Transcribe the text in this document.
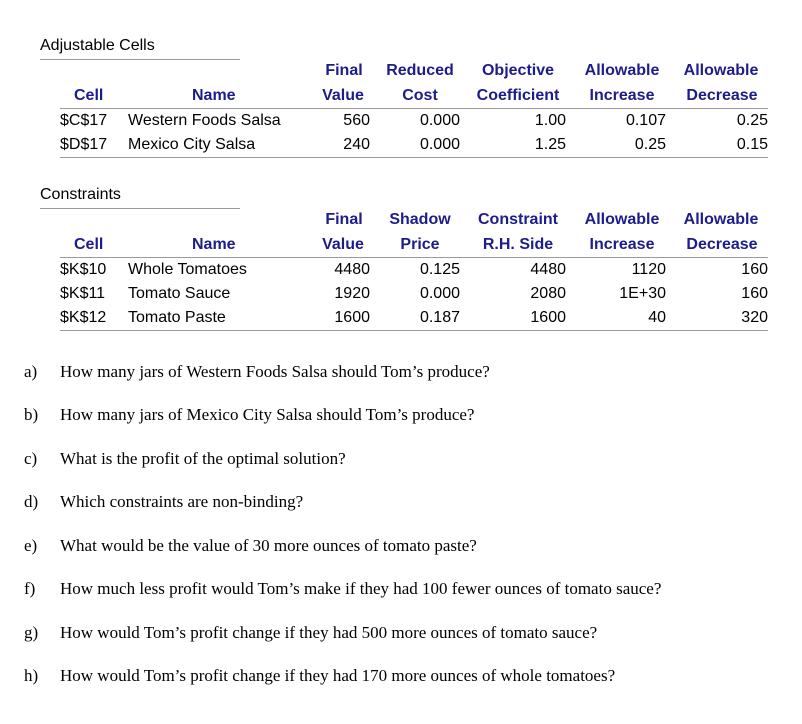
Adjustable Cells
Final	Reduced	Objective	Allowable	Allowable
Cell	Name	Value	Cost	Coefficient	Increase	Decrease
$C$17 Western Foods Salsa	560	0.000	1.00	0.107	0.25
$D$17 Mexico City Salsa	240	0.000	1.25	0.25	0.15
Constraints
Final	Shadow	Constraint	Allowable	Allowable
Cell	Name	Value	Price	R.H. Side	Increase	Decrease
$K$10 Whole Tomatoes	4480	0.125	4480	1120	160
$K$11 Tomato Sauce	1920	0.000	2080	1E+30	160
$K$12 Tomato Paste	1600	0.187	1600	40	320
a) How many jars of Western Foods Salsa should Tom’s produce?
b) How many jars of Mexico City Salsa should Tom’s produce?
c) What is the profit of the optimal solution?
d) Which constraints are non-binding?
e) What would be the value of 30 more ounces of tomato paste?
f) How much less profit would Tom’s make if they had 100 fewer ounces of tomato sauce?
g) How would Tom’s profit change if they had 500 more ounces of tomato sauce?
h) How would Tom’s profit change if they had 170 more ounces of whole tomatoes?
